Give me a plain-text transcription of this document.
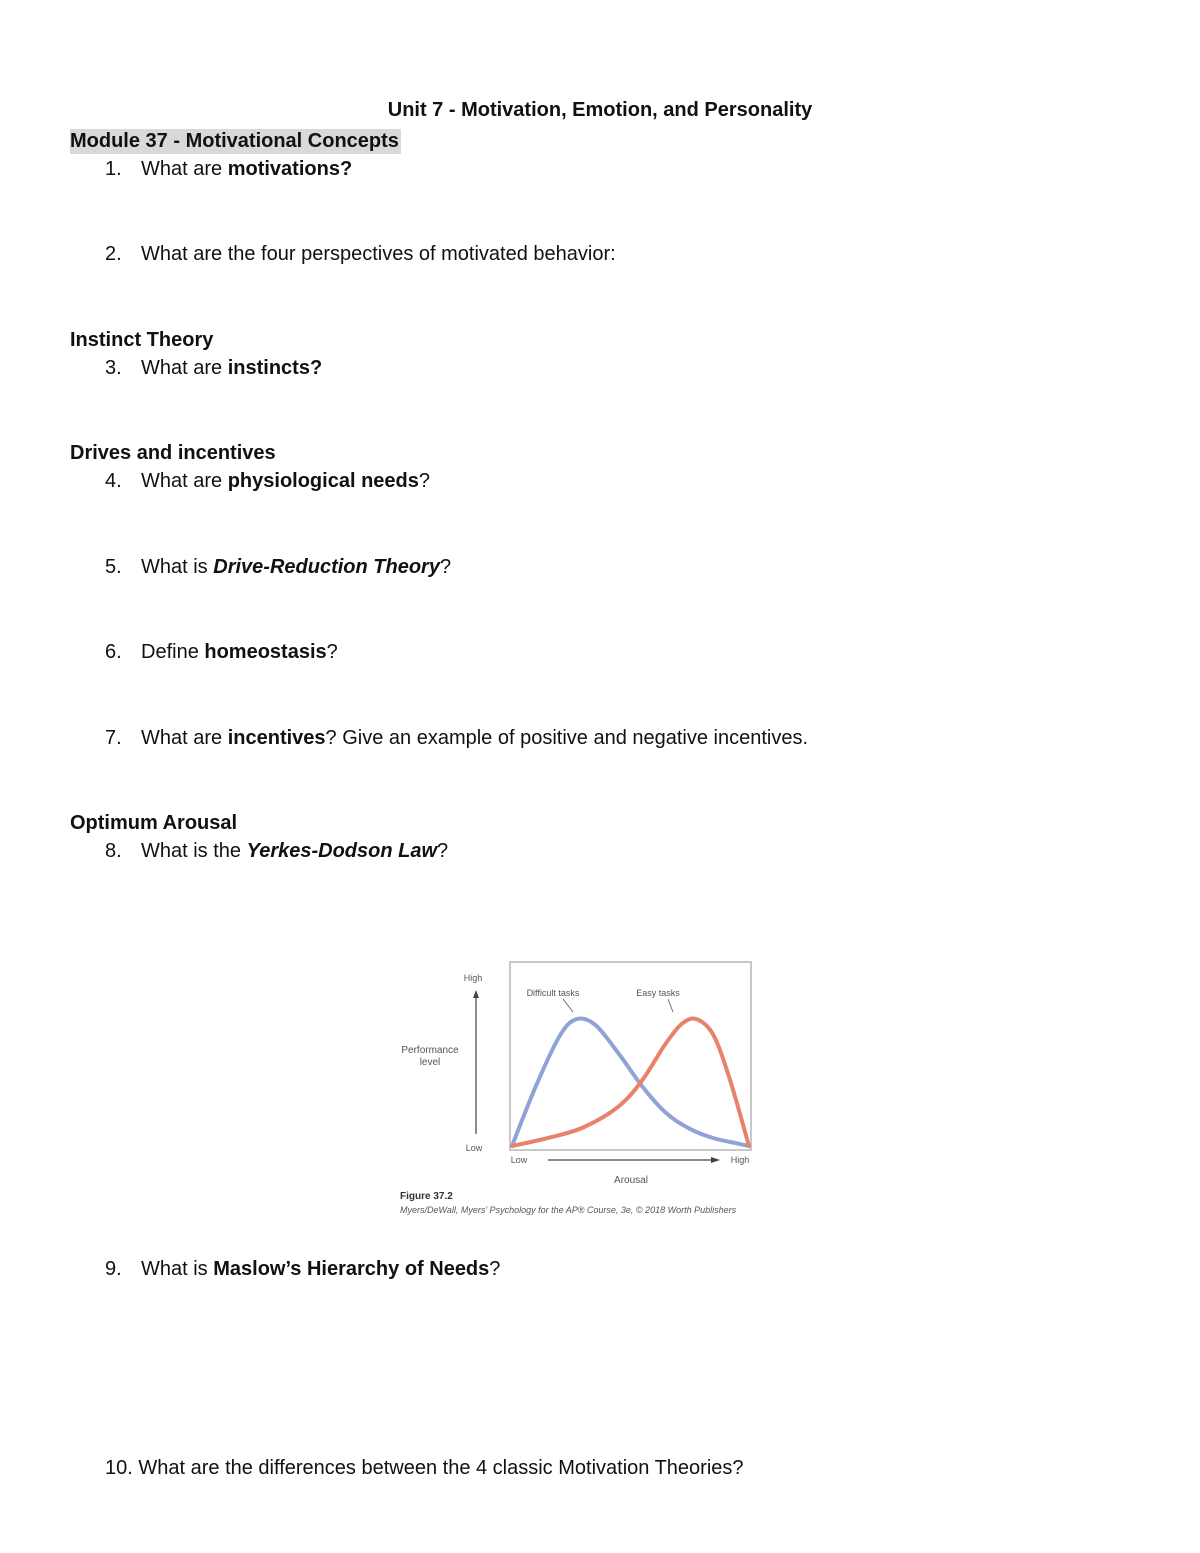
Unit 7 - Motivation, Emotion, and Personality
Module 37 - Motivational Concepts
1. What are motivations?
2. What are the four perspectives of motivated behavior:
Instinct Theory
3. What are instincts?
Drives and incentives
4. What are physiological needs?
5. What is Drive-Reduction Theory?
6. Define homeostasis?
7. What are incentives? Give an example of positive and negative incentives.
Optimum Arousal
8. What is the Yerkes-Dodson Law?
High
Performance
level
Low
Low	High
Arousal
Difficult tasks	Easy tasks
Figure 37.2
Myers/DeWall, Myers' Psychology for the AP® Course, 3e, © 2018 Worth Publishers
9. What is Maslow’s Hierarchy of Needs?
10. What are the differences between the 4 classic Motivation Theories?
